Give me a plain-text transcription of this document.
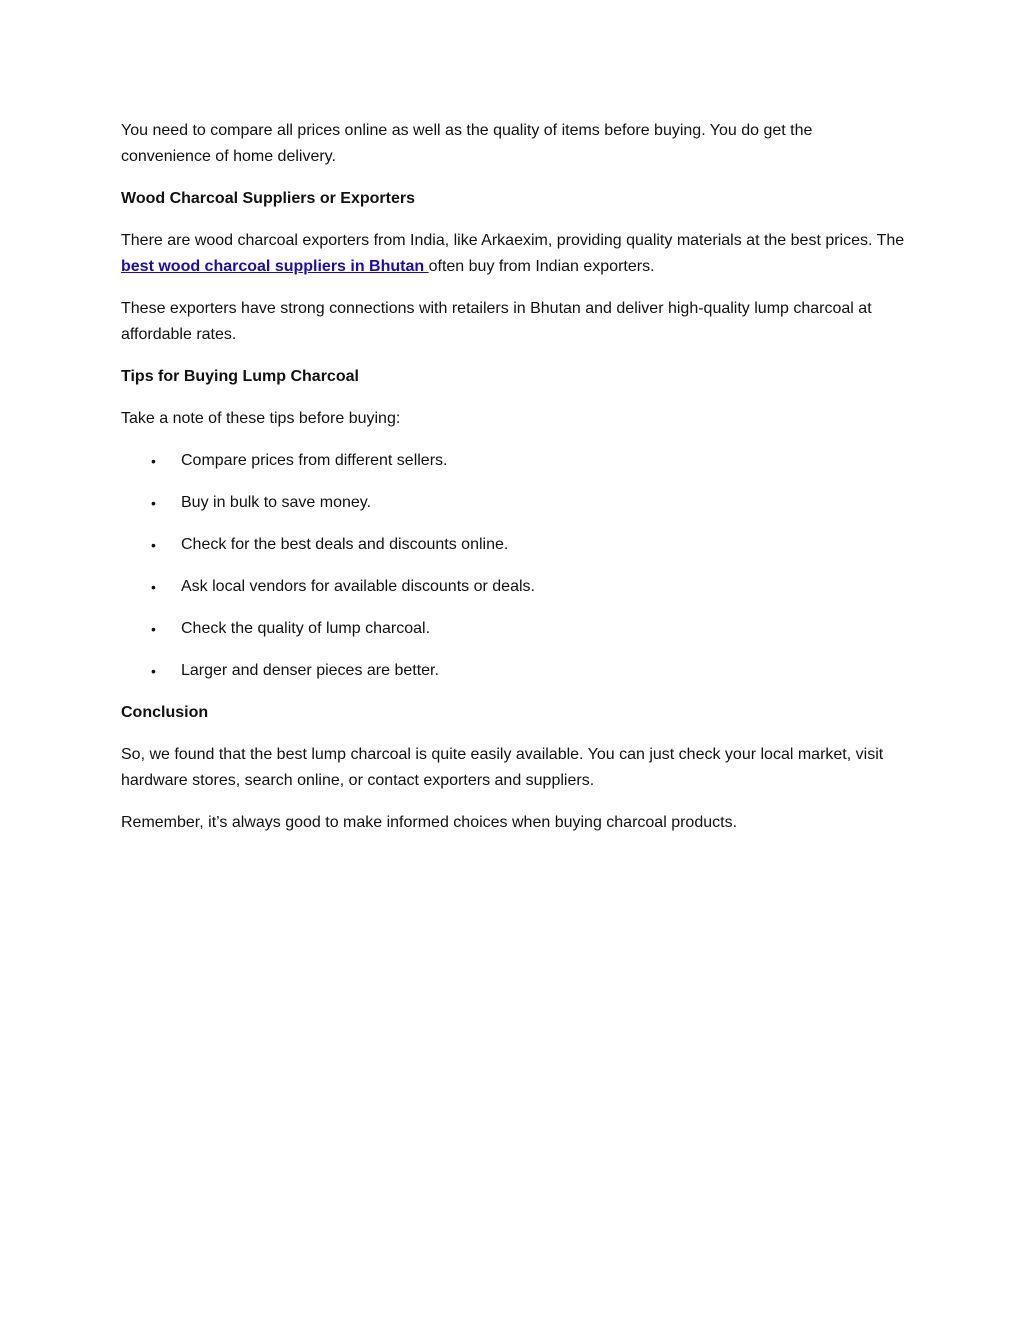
You need to compare all prices online as well as the quality of items before buying. You do get the convenience of home delivery.

Wood Charcoal Suppliers or Exporters

There are wood charcoal exporters from India, like Arkaexim, providing quality materials at the best prices. The best wood charcoal suppliers in Bhutan often buy from Indian exporters.

These exporters have strong connections with retailers in Bhutan and deliver high-quality lump charcoal at affordable rates.

Tips for Buying Lump Charcoal

Take a note of these tips before buying:

• Compare prices from different sellers.
• Buy in bulk to save money.
• Check for the best deals and discounts online.
• Ask local vendors for available discounts or deals.
• Check the quality of lump charcoal.
• Larger and denser pieces are better.

Conclusion

So, we found that the best lump charcoal is quite easily available. You can just check your local market, visit hardware stores, search online, or contact exporters and suppliers.

Remember, it’s always good to make informed choices when buying charcoal products.
